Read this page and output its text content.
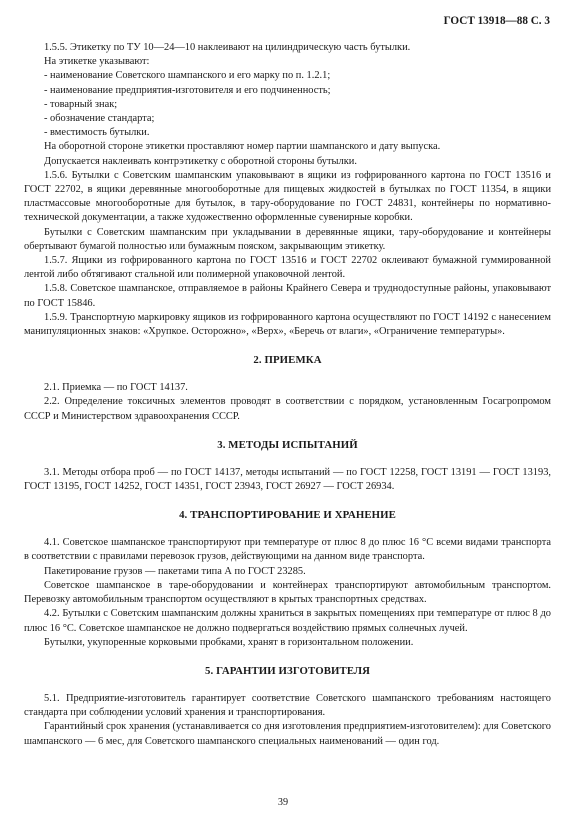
ГОСТ 13918—88 С. 3

1.5.5. Этикетку по ТУ 10—24—10 наклеивают на цилиндрическую часть бутылки.

На этикетке указывают:

- наименование Советского шампанского и его марку по п. 1.2.1;

- наименование предприятия-изготовителя и его подчиненность;

- товарный знак;

- обозначение стандарта;

- вместимость бутылки.

На оборотной стороне этикетки проставляют номер партии шампанского и дату выпуска.

Допускается наклеивать контрэтикетку с оборотной стороны бутылки.

1.5.6. Бутылки с Советским шампанским упаковывают в ящики из гофрированного картона по ГОСТ 13516 и ГОСТ 22702, в ящики деревянные многооборотные для пищевых жидкостей в бутылках по ГОСТ 11354, в ящики пластмассовые многооборотные для бутылок, в тару-оборудование по ГОСТ 24831, контейнеры по нормативно-технической документации, а также художественно оформленные сувенирные коробки.

Бутылки с Советским шампанским при укладывании в деревянные ящики, тару-оборудование и контейнеры обертывают бумагой полностью или бумажным пояском, закрывающим этикетку.

1.5.7. Ящики из гофрированного картона по ГОСТ 13516 и ГОСТ 22702 оклеивают бумажной гуммированной лентой либо обтягивают стальной или полимерной упаковочной лентой.

1.5.8. Советское шампанское, отправляемое в районы Крайнего Севера и труднодоступные районы, упаковывают по ГОСТ 15846.

1.5.9. Транспортную маркировку ящиков из гофрированного картона осуществляют по ГОСТ 14192 с нанесением манипуляционных знаков: «Хрупкое. Осторожно», «Верх», «Беречь от влаги», «Ограничение температуры».

2. ПРИЕМКА

2.1. Приемка — по ГОСТ 14137.

2.2. Определение токсичных элементов проводят в соответствии с порядком, установленным Госагропромом СССР и Министерством здравоохранения СССР.

3. МЕТОДЫ ИСПЫТАНИЙ

3.1. Методы отбора проб — по ГОСТ 14137, методы испытаний — по ГОСТ 12258, ГОСТ 13191 — ГОСТ 13193, ГОСТ 13195, ГОСТ 14252, ГОСТ 14351, ГОСТ 23943, ГОСТ 26927 — ГОСТ 26934.

4. ТРАНСПОРТИРОВАНИЕ И ХРАНЕНИЕ

4.1. Советское шампанское транспортируют при температуре от плюс 8 до плюс 16 °С всеми видами транспорта в соответствии с правилами перевозок грузов, действующими на данном виде транспорта.

Пакетирование грузов — пакетами типа А по ГОСТ 23285.

Советское шампанское в таре-оборудовании и контейнерах транспортируют автомобильным транспортом. Перевозку автомобильным транспортом осуществляют в крытых транспортных средствах.

4.2. Бутылки с Советским шампанским должны храниться в закрытых помещениях при температуре от плюс 8 до плюс 16 °С. Советское шампанское не должно подвергаться воздействию прямых солнечных лучей.

Бутылки, укупоренные корковыми пробками, хранят в горизонтальном положении.

5. ГАРАНТИИ ИЗГОТОВИТЕЛЯ

5.1. Предприятие-изготовитель гарантирует соответствие Советского шампанского требованиям настоящего стандарта при соблюдении условий хранения и транспортирования.

Гарантийный срок хранения (устанавливается со дня изготовления предприятием-изготовителем): для Советского шампанского — 6 мес, для Советского шампанского специальных наименований — один год.

39
